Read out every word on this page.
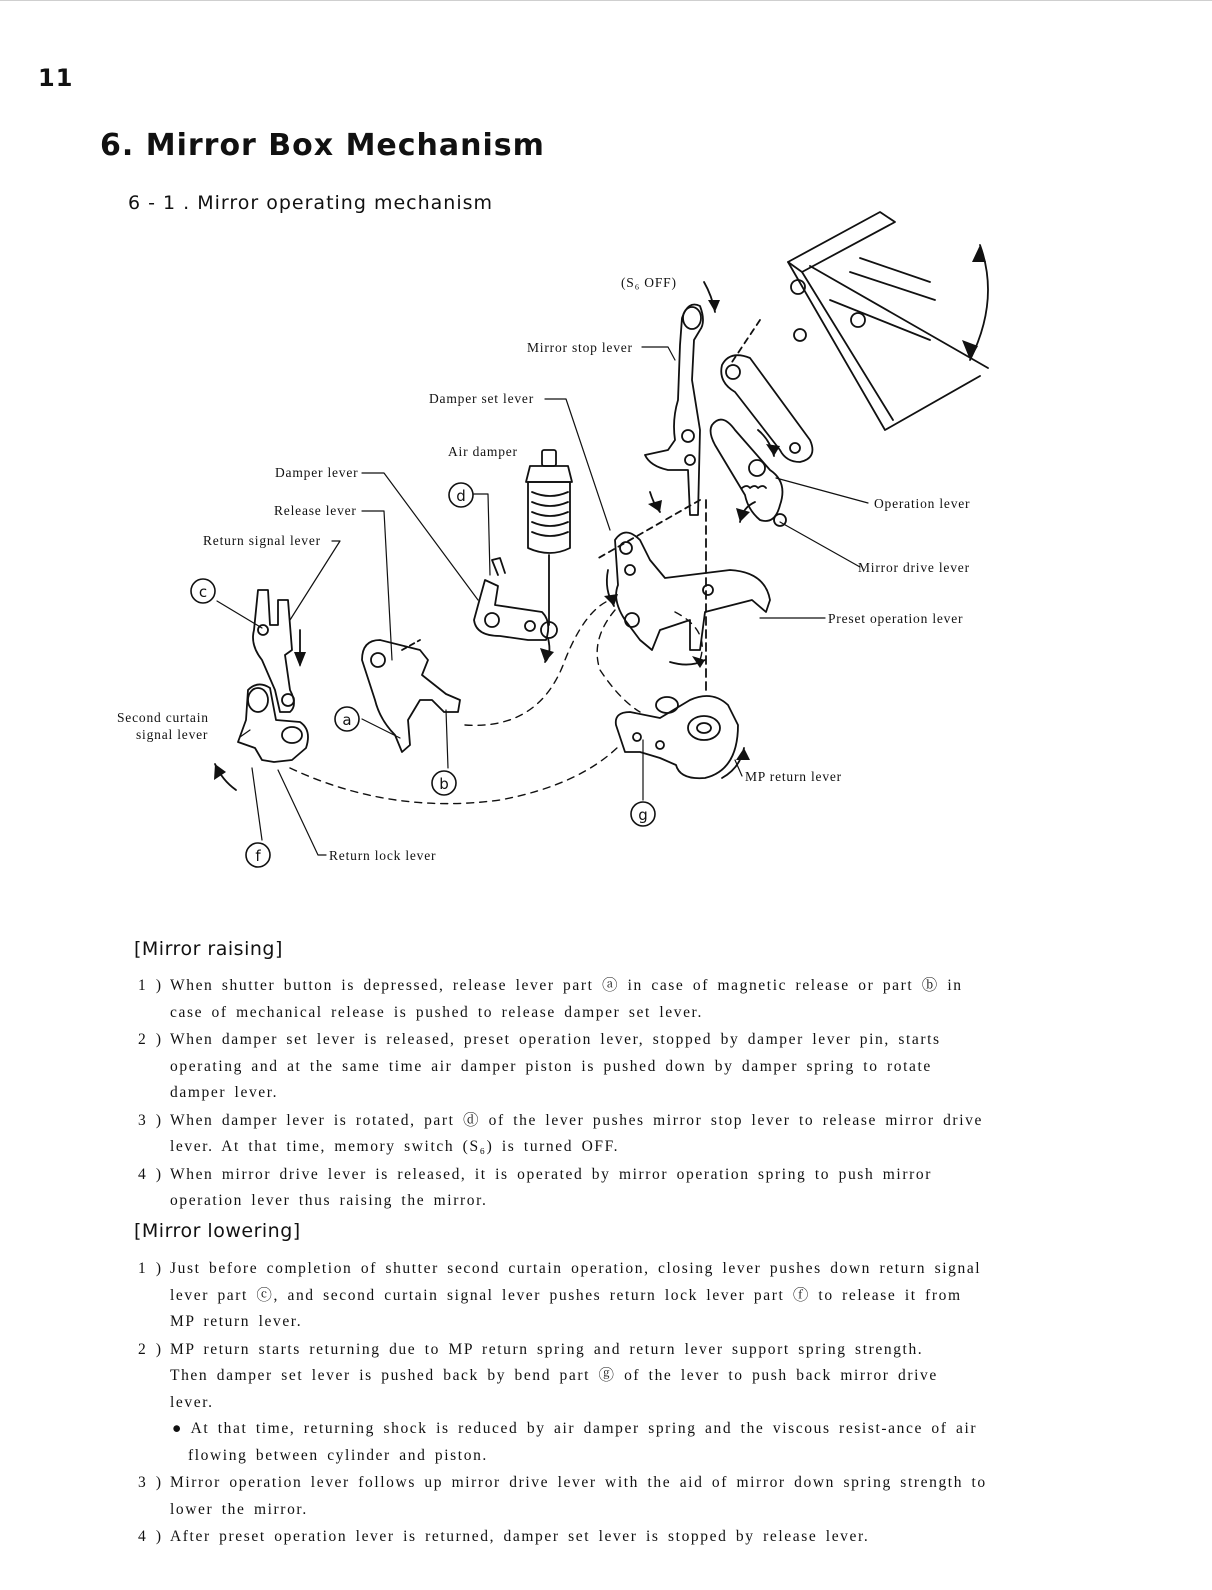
11
6. Mirror Box Mechanism
6 - 1 . Mirror operating mechanism
(S₆ OFF)
Mirror stop lever
Damper set lever
Air damper
Damper lever
Release lever
Return signal lever
Operation lever
Mirror drive lever
Preset operation lever
Second curtain
signal lever
MP return lever
Return lock lever
c
d
a
b
f
g
[Mirror raising]
1 ) When shutter button is depressed, release lever part ⓐ in case of magnetic release or part ⓑ in case of mechanical release is pushed to release damper set lever.

2 ) When damper set lever is released, preset operation lever, stopped by damper lever pin, starts operating and at the same time air damper piston is pushed down by damper spring to rotate damper lever.

3 ) When damper lever is rotated, part ⓓ of the lever pushes mirror stop lever to release mirror drive lever. At that time, memory switch (S₆) is turned OFF.

4 ) When mirror drive lever is released, it is operated by mirror operation spring to push mirror operation lever thus raising the mirror.

[Mirror lowering]
1 ) Just before completion of shutter second curtain operation, closing lever pushes down return signal lever part ⓒ, and second curtain signal lever pushes return lock lever part ⓕ to release it from MP return lever.

2 ) MP return starts returning due to MP return spring and return lever support spring strength.

Then damper set lever is pushed back by bend part ⓖ of the lever to push back mirror drive lever.

● At that time, returning shock is reduced by air damper spring and the viscous resist-ance of air flowing between cylinder and piston.
3 ) Mirror operation lever follows up mirror drive lever with the aid of mirror down spring strength to lower the mirror.

4 ) After preset operation lever is returned, damper set lever is stopped by release lever.
